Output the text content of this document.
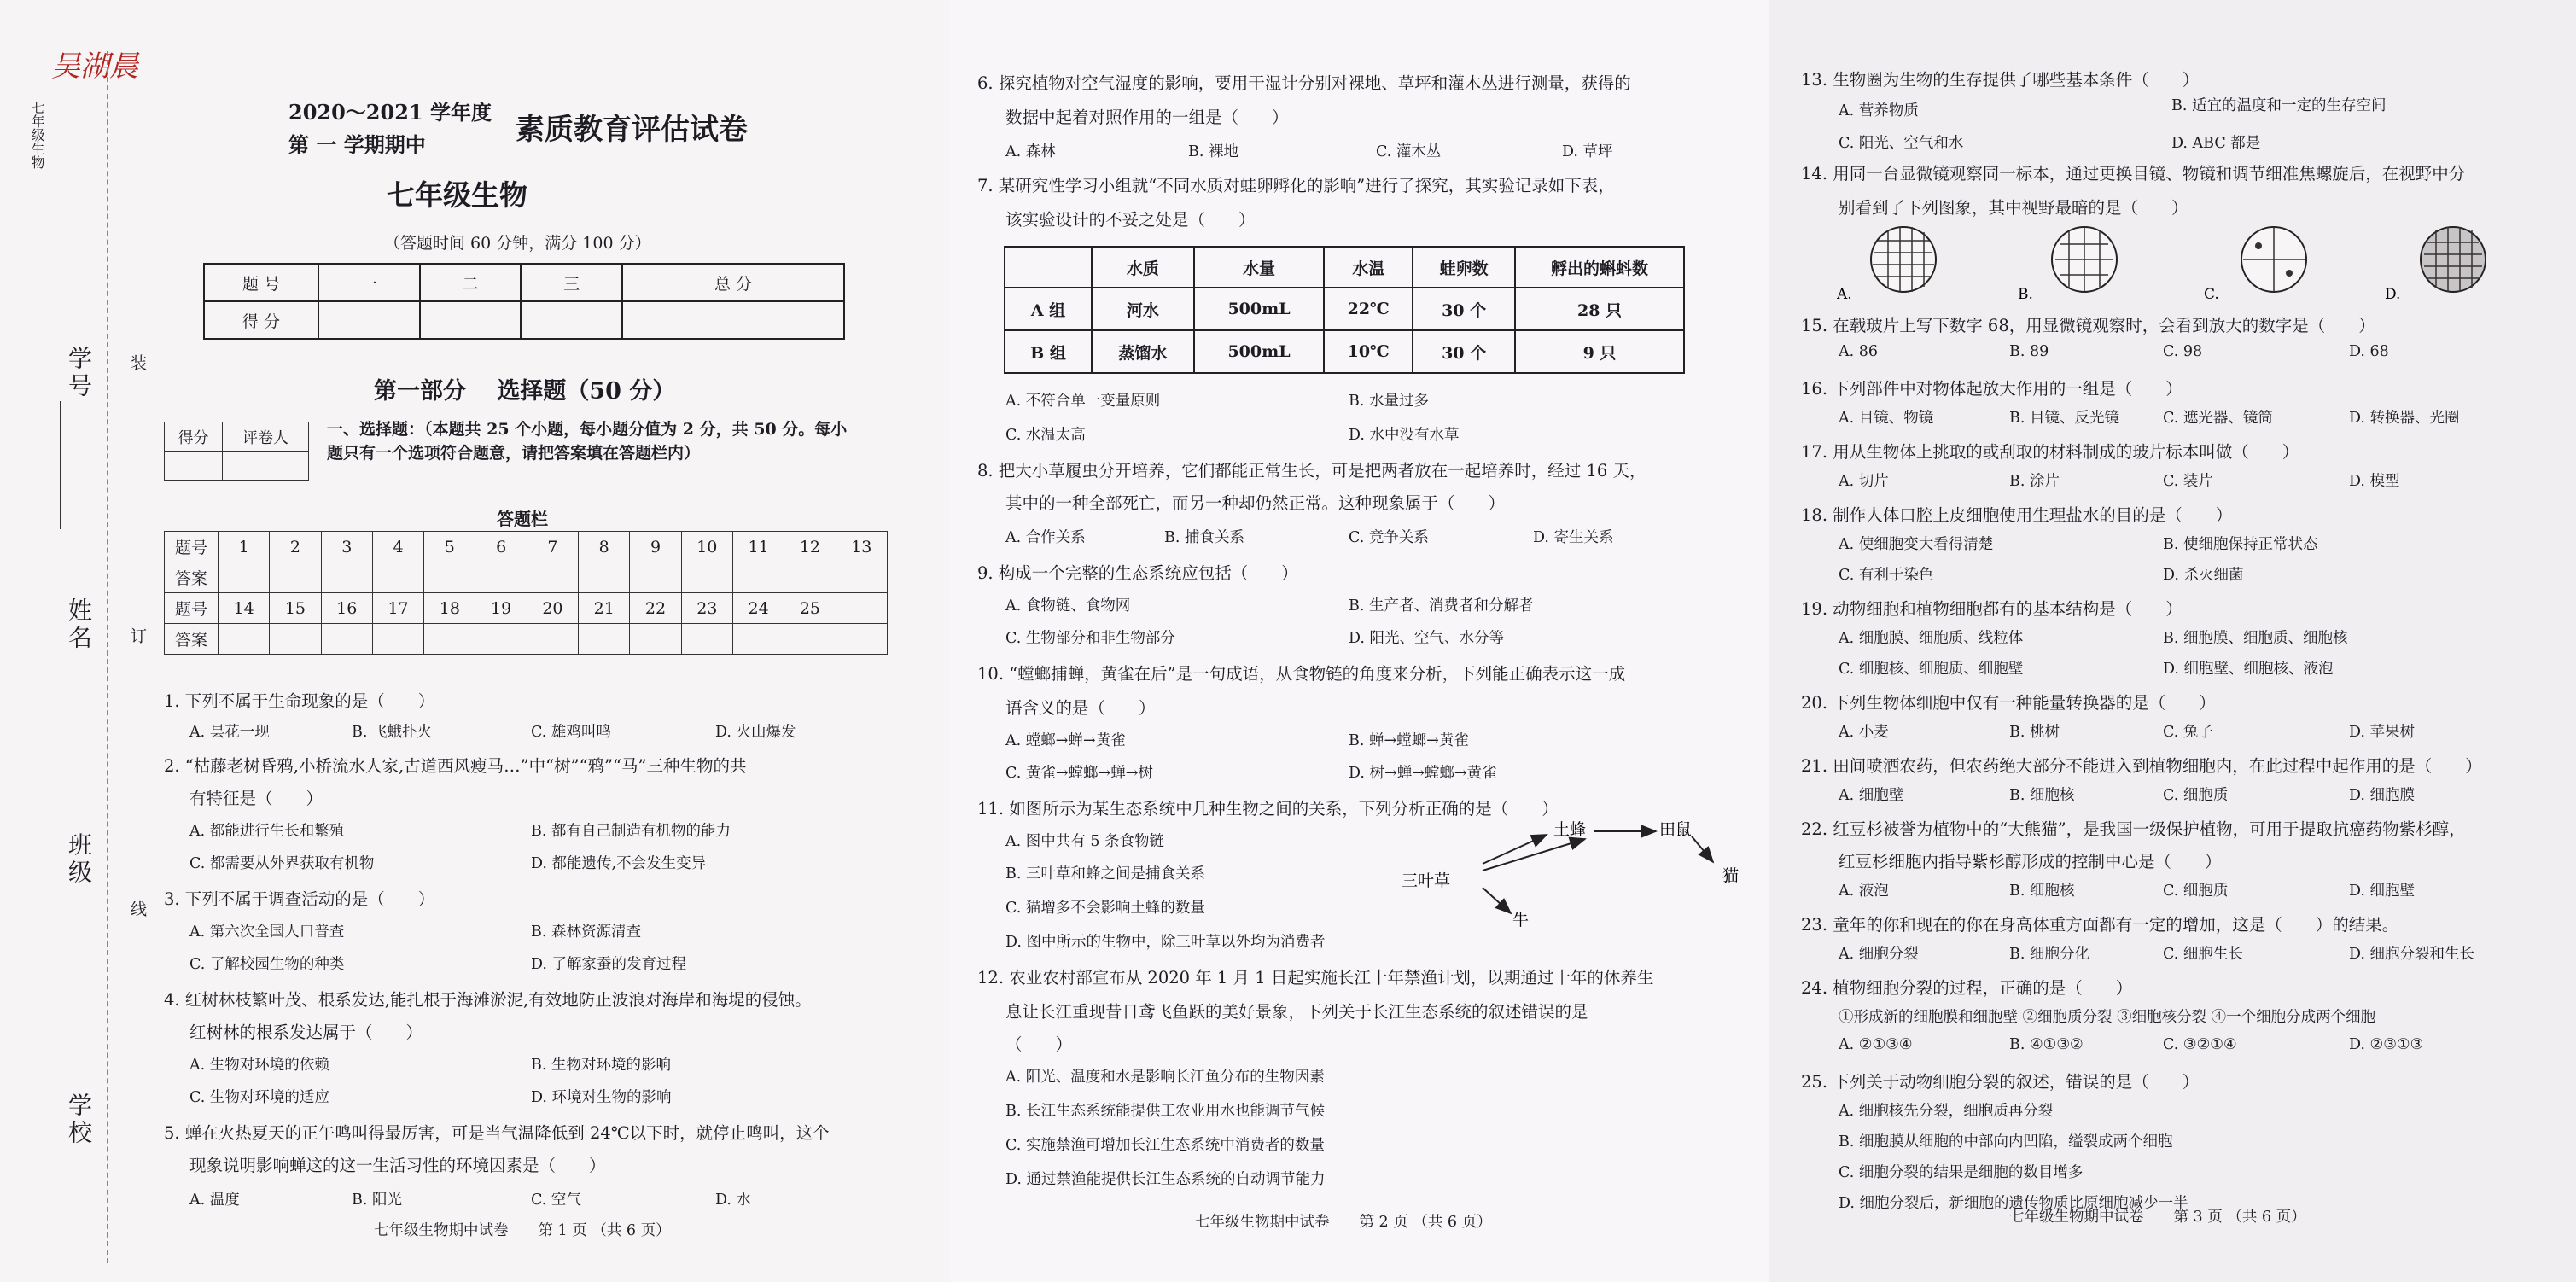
吴湖晨
七年级生物
学号
姓名
班级
学校
装
订
线
2020～2021 学年度
第 一 学期期中	素质教育评估试卷
七年级生物
（答题时间 60 分钟，满分 100 分）
题 号	一	二	三	总 分
得 分				
第一部分　 选择题（50 分）
得分	评卷人
	一、选择题：（本题共 25 个小题，每小题分值为 2 分，共 50 分。每小
题只有一个选项符合题意，请把答案填在答题栏内）
答题栏
题号	1	2	3	4	5	6	7	8	9	10	11	12	13
答案													
题号	14	15	16	17	18	19	20	21	22	23	24	25	
答案													
1. 下列不属于生命现象的是（　　）
A. 昙花一现	B. 飞蛾扑火	C. 雄鸡叫鸣	D. 火山爆发
2. “枯藤老树昏鸦,小桥流水人家,古道西风瘦马…”中“树”“鸦”“马”三种生物的共
有特征是（　　）
A. 都能进行生长和繁殖	B. 都有自己制造有机物的能力
C. 都需要从外界获取有机物	D. 都能遗传,不会发生变异
3. 下列不属于调查活动的是（　　）
A. 第六次全国人口普查	B. 森林资源清查
C. 了解校园生物的种类	D. 了解家蚕的发育过程
4. 红树林枝繁叶茂、根系发达,能扎根于海滩淤泥,有效地防止波浪对海岸和海堤的侵蚀。
红树林的根系发达属于（　　）
A. 生物对环境的依赖	B. 生物对环境的影响
C. 生物对环境的适应	D. 环境对生物的影响
5. 蝉在火热夏天的正午鸣叫得最厉害，可是当气温降低到 24℃以下时，就停止鸣叫，这个
现象说明影响蝉这的这一生活习性的环境因素是（　　）
A. 温度	B. 阳光	C. 空气	D. 水
七年级生物期中试卷　　第 1 页 （共 6 页）
6. 探究植物对空气湿度的影响，要用干湿计分别对裸地、草坪和灌木丛进行测量，获得的
数据中起着对照作用的一组是（　　）
A. 森林	B. 裸地	C. 灌木丛	D. 草坪
7. 某研究性学习小组就“不同水质对蛙卵孵化的影响”进行了探究，其实验记录如下表，
该实验设计的不妥之处是（　　）
	水质	水量	水温	蛙卵数	孵出的蝌蚪数
A 组	河水	500mL	22℃	30 个	28 只
B 组	蒸馏水	500mL	10℃	30 个	9 只
A. 不符合单一变量原则	B. 水量过多
C. 水温太高	D. 水中没有水草
8. 把大小草履虫分开培养，它们都能正常生长，可是把两者放在一起培养时，经过 16 天，
其中的一种全部死亡，而另一种却仍然正常。这种现象属于（　　）
A. 合作关系	B. 捕食关系	C. 竞争关系	D. 寄生关系
9. 构成一个完整的生态系统应包括（　　）
A. 食物链、食物网	B. 生产者、消费者和分解者
C. 生物部分和非生物部分	D. 阳光、空气、水分等
10. “螳螂捕蝉，黄雀在后”是一句成语，从食物链的角度来分析，下列能正确表示这一成
语含义的是（　　）
A. 螳螂→蝉→黄雀	B. 蝉→螳螂→黄雀
C. 黄雀→螳螂→蝉→树	D. 树→蝉→螳螂→黄雀
11. 如图所示为某生态系统中几种生物之间的关系，下列分析正确的是（　　）
A. 图中共有 5 条食物链
B. 三叶草和蜂之间是捕食关系
C. 猫增多不会影响土蜂的数量
D. 图中所示的生物中，除三叶草以外均为消费者
三叶草
土蜂	田鼠
猫
牛
12. 农业农村部宣布从 2020 年 1 月 1 日起实施长江十年禁渔计划，以期通过十年的休养生
息让长江重现昔日鸢飞鱼跃的美好景象，下列关于长江生态系统的叙述错误的是
（　　）
A. 阳光、温度和水是影响长江鱼分布的生物因素
B. 长江生态系统能提供工农业用水也能调节气候
C. 实施禁渔可增加长江生态系统中消费者的数量
D. 通过禁渔能提供长江生态系统的自动调节能力
七年级生物期中试卷　　第 2 页 （共 6 页）
13. 生物圈为生物的生存提供了哪些基本条件（　　）
A. 营养物质	B. 适宜的温度和一定的生存空间
C. 阳光、空气和水	D. ABC 都是
14. 用同一台显微镜观察同一标本，通过更换目镜、物镜和调节细准焦螺旋后，在视野中分
别看到了下列图象，其中视野最暗的是（　　）
A.	B.	C.	D.
15. 在载玻片上写下数字 68，用显微镜观察时，会看到放大的数字是（　　）
A. 86	B. 89	C. 98	D. 68
16. 下列部件中对物体起放大作用的一组是（　　）
A. 目镜、物镜	B. 目镜、反光镜	C. 遮光器、镜筒	D. 转换器、光圈
17. 用从生物体上挑取的或刮取的材料制成的玻片标本叫做（　　）
A. 切片	B. 涂片	C. 装片	D. 模型
18. 制作人体口腔上皮细胞使用生理盐水的目的是（　　）
A. 使细胞变大看得清楚	B. 使细胞保持正常状态
C. 有利于染色	D. 杀灭细菌
19. 动物细胞和植物细胞都有的基本结构是（　　）
A. 细胞膜、细胞质、线粒体	B. 细胞膜、细胞质、细胞核
C. 细胞核、细胞质、细胞壁	D. 细胞壁、细胞核、液泡
20. 下列生物体细胞中仅有一种能量转换器的是（　　）
A. 小麦	B. 桃树	C. 兔子	D. 苹果树
21. 田间喷洒农药，但农药绝大部分不能进入到植物细胞内，在此过程中起作用的是（　　）
A. 细胞壁	B. 细胞核	C. 细胞质	D. 细胞膜
22. 红豆杉被誉为植物中的“大熊猫”，是我国一级保护植物，可用于提取抗癌药物紫杉醇，
红豆杉细胞内指导紫杉醇形成的控制中心是（　　）
A. 液泡	B. 细胞核	C. 细胞质	D. 细胞壁
23. 童年的你和现在的你在身高体重方面都有一定的增加，这是（　　）的结果。
A. 细胞分裂	B. 细胞分化	C. 细胞生长	D. 细胞分裂和生长
24. 植物细胞分裂的过程，正确的是（　　）
①形成新的细胞膜和细胞壁 ②细胞质分裂 ③细胞核分裂 ④一个细胞分成两个细胞
A. ②①③④	B. ④①③②	C. ③②①④	D. ②③①③
25. 下列关于动物细胞分裂的叙述，错误的是（　　）
A. 细胞核先分裂，细胞质再分裂
B. 细胞膜从细胞的中部向内凹陷，缢裂成两个细胞
C. 细胞分裂的结果是细胞的数目增多
D. 细胞分裂后，新细胞的遗传物质比原细胞减少一半
七年级生物期中试卷　　第 3 页 （共 6 页）
